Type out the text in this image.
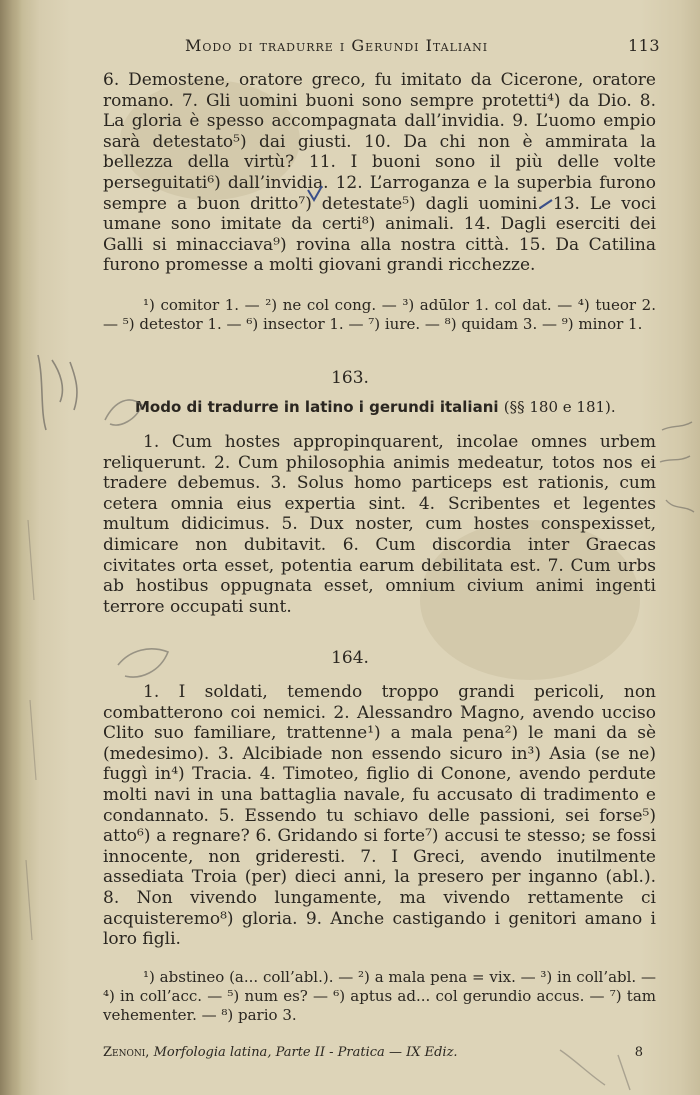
Modo di tradurre i Gerundi Italiani	113
6. Demostene, oratore greco, fu imitato da Cicerone, oratore romano. 7. Gli uomini buoni sono sempre protetti⁴) da Dio. 8. La gloria è spesso accompagnata dall’invidia. 9. L’uomo empio sarà detestato⁵) dai giusti. 10. Da chi non è ammirata la bellezza della virtù? 11. I buoni sono il più delle volte perseguitati⁶) dall’invidia. 12. L’arroganza e la superbia furono sempre a buon dritto⁷) detestate⁵) dagli uomini. 13. Le voci umane sono imitate da certi⁸) animali. 14. Dagli eserciti dei Galli si minacciava⁹) rovina alla nostra città. 15. Da Catilina furono promesse a molti giovani grandi ricchezze.
¹) comitor 1. — ²) ne col cong. — ³) adūlor 1. col dat. — ⁴) tueor 2. — ⁵) detestor 1. — ⁶) insector 1. — ⁷) iure. — ⁸) quidam 3. — ⁹) minor 1.
163.
Modo di tradurre in latino i gerundi italiani (§§ 180 e 181).
1. Cum hostes appropinquarent, incolae omnes urbem reliquerunt. 2. Cum philosophia animis medeatur, totos nos ei tradere debemus. 3. Solus homo particeps est rationis, cum cetera omnia eius expertia sint. 4. Scribentes et legentes multum didicimus. 5. Dux noster, cum hostes conspexisset, dimicare non dubitavit. 6. Cum discordia inter Graecas civitates orta esset, potentia earum debilitata est. 7. Cum urbs ab hostibus oppugnata esset, omnium civium animi ingenti terrore occupati sunt.
164.
1. I soldati, temendo troppo grandi pericoli, non combatterono coi nemici. 2. Alessandro Magno, avendo ucciso Clito suo familiare, trattenne¹) a mala pena²) le mani da sè (medesimo). 3. Alcibiade non essendo sicuro in³) Asia (se ne) fuggì in⁴) Tracia. 4. Timoteo, figlio di Conone, avendo perdute molti navi in una battaglia navale, fu accusato di tradimento e condannato. 5. Essendo tu schiavo delle passioni, sei forse⁵) atto⁶) a regnare? 6. Gridando si forte⁷) accusi te stesso; se fossi innocente, non grideresti. 7. I Greci, avendo inutilmente assediata Troia (per) dieci anni, la presero per inganno (abl.). 8. Non vivendo lungamente, ma vivendo rettamente ci acquisteremo⁸) gloria. 9. Anche castigando i genitori amano i loro figli.
¹) abstineo (a... coll’abl.). — ²) a mala pena = vix. — ³) in coll’abl. — ⁴) in coll’acc. — ⁵) num es? — ⁶) aptus ad... col gerundio accus. — ⁷) tam vehementer. — ⁸) pario 3.
Zenoni, Morfologia latina, Parte II - Pratica — IX Ediz.	8
